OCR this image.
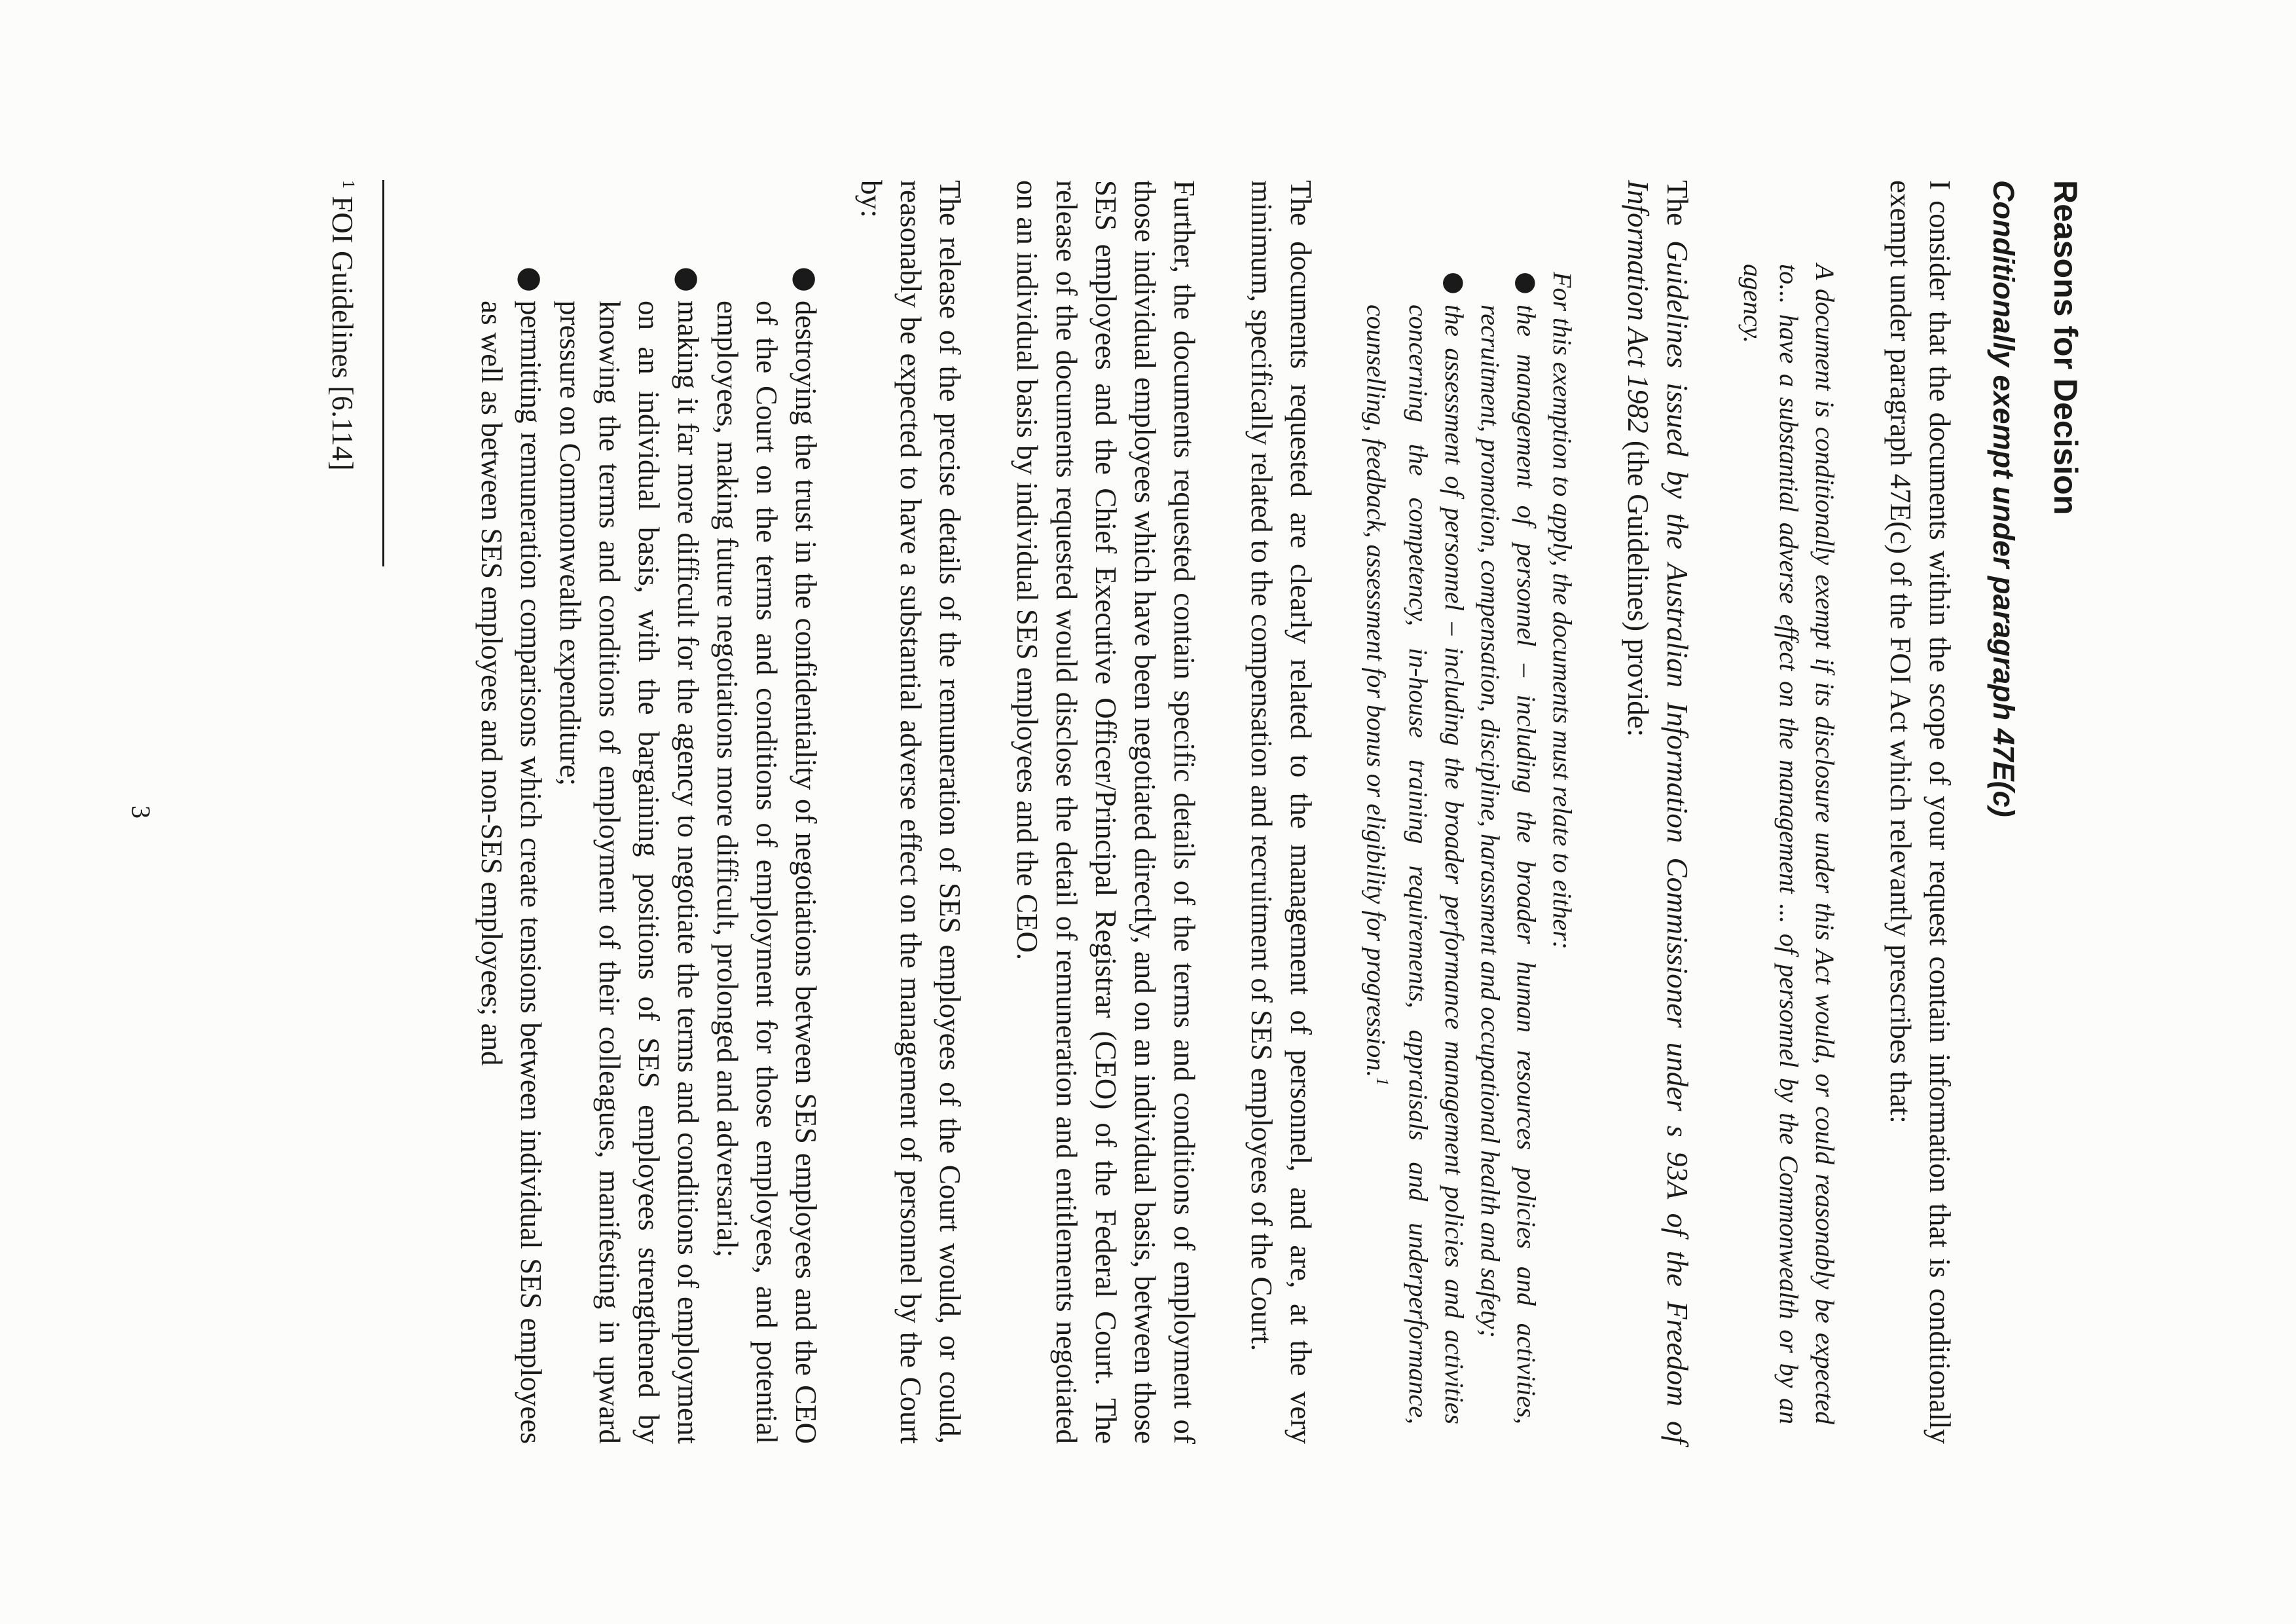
Reasons for Decision
Conditionally exempt under paragraph 47E(c)

I consider that the documents within the scope of your request contain information that is conditionally exempt under paragraph 47E(c) of the FOI Act which relevantly prescribes that:

A document is conditionally exempt if its disclosure under this Act would, or could reasonably be expected to... have a substantial adverse effect on the management ... of personnel by the Commonwealth or by an agency.

The Guidelines issued by the Australian Information Commissioner under s 93A of the Freedom of Information Act 1982 (the Guidelines) provide:

For this exemption to apply, the documents must relate to either:

●
the management of personnel – including the broader human resources policies and activities, recruitment, promotion, compensation, discipline, harassment and occupational health and safety;
●
the assessment of personnel – including the broader performance management policies and activities concerning the competency, in-house training requirements, appraisals and underperformance, counselling, feedback, assessment for bonus or eligibility for progression.$^1$

The documents requested are clearly related to the management of personnel, and are, at the very minimum, specifically related to the compensation and recruitment of SES employees of the Court.

Further, the documents requested contain specific details of the terms and conditions of employment of those individual employees which have been negotiated directly, and on an individual basis, between those SES employees and the Chief Executive Officer/Principal Registrar (CEO) of the Federal Court. The release of the documents requested would disclose the detail of remuneration and entitlements negotiated on an individual basis by individual SES employees and the CEO.

The release of the precise details of the remuneration of SES employees of the Court would, or could, reasonably be expected to have a substantial adverse effect on the management of personnel by the Court by:

●
destroying the trust in the confidentiality of negotiations between SES employees and the CEO of the Court on the terms and conditions of employment for those employees, and potential employees, making future negotiations more difficult, prolonged and adversarial;
●
making it far more difficult for the agency to negotiate the terms and conditions of employment on an individual basis, with the bargaining positions of SES employees strengthened by knowing the terms and conditions of employment of their colleagues, manifesting in upward pressure on Commonwealth expenditure;
●
permitting remuneration comparisons which create tensions between individual SES employees as well as between SES employees and non-SES employees; and
$^1$ FOI Guidelines [6.114]
3
